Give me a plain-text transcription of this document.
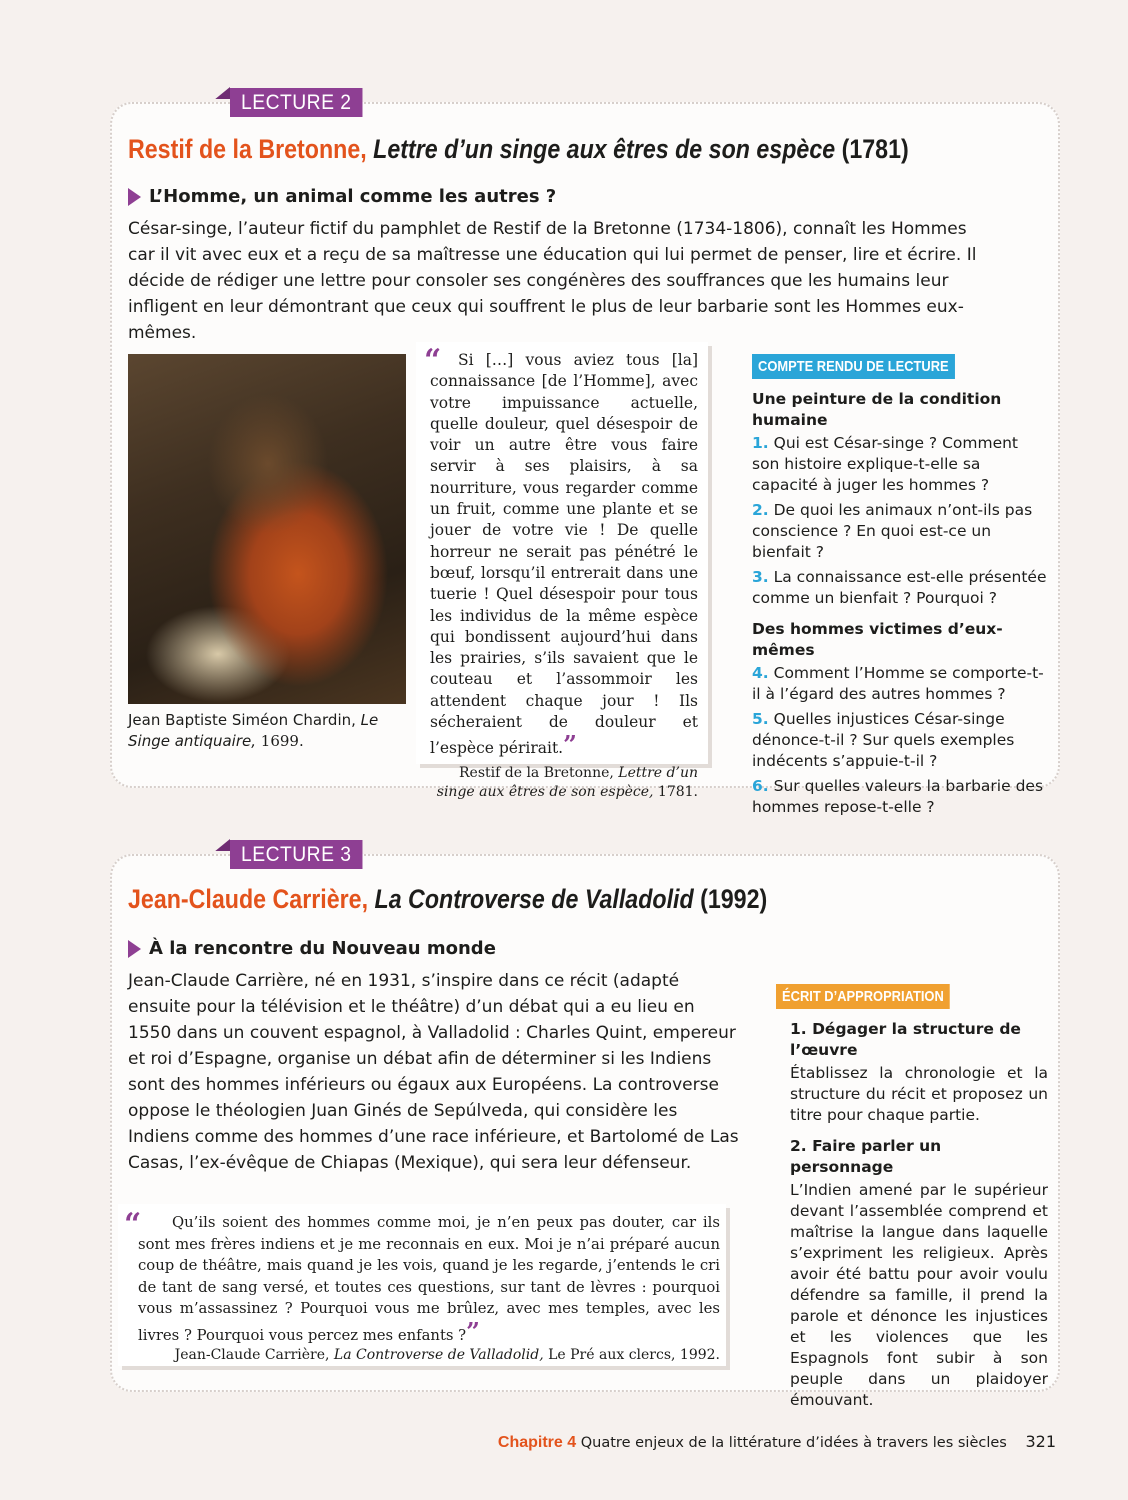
LECTURE 2
Restif de la Bretonne, Lettre d’un singe aux êtres de son espèce (1781)
L’Homme, un animal comme les autres ?

César-singe, l’auteur fictif du pamphlet de Restif de la Bretonne (1734-1806), connaît les Hommes car il vit avec eux et a reçu de sa maîtresse une éducation qui lui permet de penser, lire et écrire. Il décide de rédiger une lettre pour consoler ses congénères des souffrances que les humains leur infligent en leur démontrant que ceux qui souffrent le plus de leur barbarie sont les Hommes eux-mêmes.

Jean Baptiste Siméon Chardin, Le Singe antiquaire, 1699.

“	Si […] vous aviez tous [la] connaissance [de l’Homme], avec votre impuissance actuelle, quelle douleur, quel désespoir de voir un autre être vous faire servir à ses plaisirs, à sa nourriture, vous regarder comme un fruit, comme une plante et se jouer de votre vie ! De quelle horreur ne serait pas pénétré le bœuf, lorsqu’il entrerait dans une tuerie ! Quel désespoir pour tous les individus de la même espèce qui bondissent aujourd’hui dans les prairies, s’ils savaient que le couteau et l’assommoir les attendent chaque jour ! Ils sécheraient de douleur et l’espèce périrait.”

Restif de la Bretonne, Lettre d’un singe aux êtres de son espèce, 1781.

COMPTE RENDU DE LECTURE
Une peinture de la condition humaine

1. Qui est César-singe ? Comment son histoire explique-t-elle sa capacité à juger les hommes ?

2. De quoi les animaux n’ont-ils pas conscience ? En quoi est-ce un bienfait ?

3. La connaissance est-elle présentée comme un bienfait ? Pourquoi ?

Des hommes victimes d’eux-mêmes

4. Comment l’Homme se comporte-t-il à l’égard des autres hommes ?

5. Quelles injustices César-singe dénonce-t-il ? Sur quels exemples indécents s’appuie-t-il ?

6. Sur quelles valeurs la barbarie des hommes repose-t-elle ?

LECTURE 3
Jean-Claude Carrière, La Controverse de Valladolid (1992)
À la rencontre du Nouveau monde

Jean-Claude Carrière, né en 1931, s’inspire dans ce récit (adapté ensuite pour la télévision et le théâtre) d’un débat qui a eu lieu en 1550 dans un couvent espagnol, à Valladolid : Charles Quint, empereur et roi d’Espagne, organise un débat afin de déterminer si les Indiens sont des hommes inférieurs ou égaux aux Européens. La controverse oppose le théologien Juan Ginés de Sepúlveda, qui considère les Indiens comme des hommes d’une race inférieure, et Bartolomé de Las Casas, l’ex-évêque de Chiapas (Mexique), qui sera leur défenseur.

“	Qu’ils soient des hommes comme moi, je n’en peux pas douter, car ils sont mes frères indiens et je me reconnais en eux. Moi je n’ai préparé aucun coup de théâtre, mais quand je les vois, quand je les regarde, j’entends le cri de tant de sang versé, et toutes ces questions, sur tant de lèvres : pourquoi vous m’assassinez ? Pourquoi vous me brûlez, avec mes temples, avec les livres ? Pourquoi vous percez mes enfants ?”

Jean-Claude Carrière, La Controverse de Valladolid, Le Pré aux clercs, 1992.

ÉCRIT D’APPROPRIATION
1. Dégager la structure de l’œuvre

Établissez la chronologie et la structure du récit et proposez un titre pour chaque partie.

2. Faire parler un personnage

L’Indien amené par le supérieur devant l’assemblée comprend et maîtrise la langue dans laquelle s’expriment les religieux. Après avoir été battu pour avoir voulu défendre sa famille, il prend la parole et dénonce les injustices et les violences que les Espagnols font subir à son peuple dans un plaidoyer émouvant.

Chapitre 4 Quatre enjeux de la littérature d’idées à travers les siècles 321
